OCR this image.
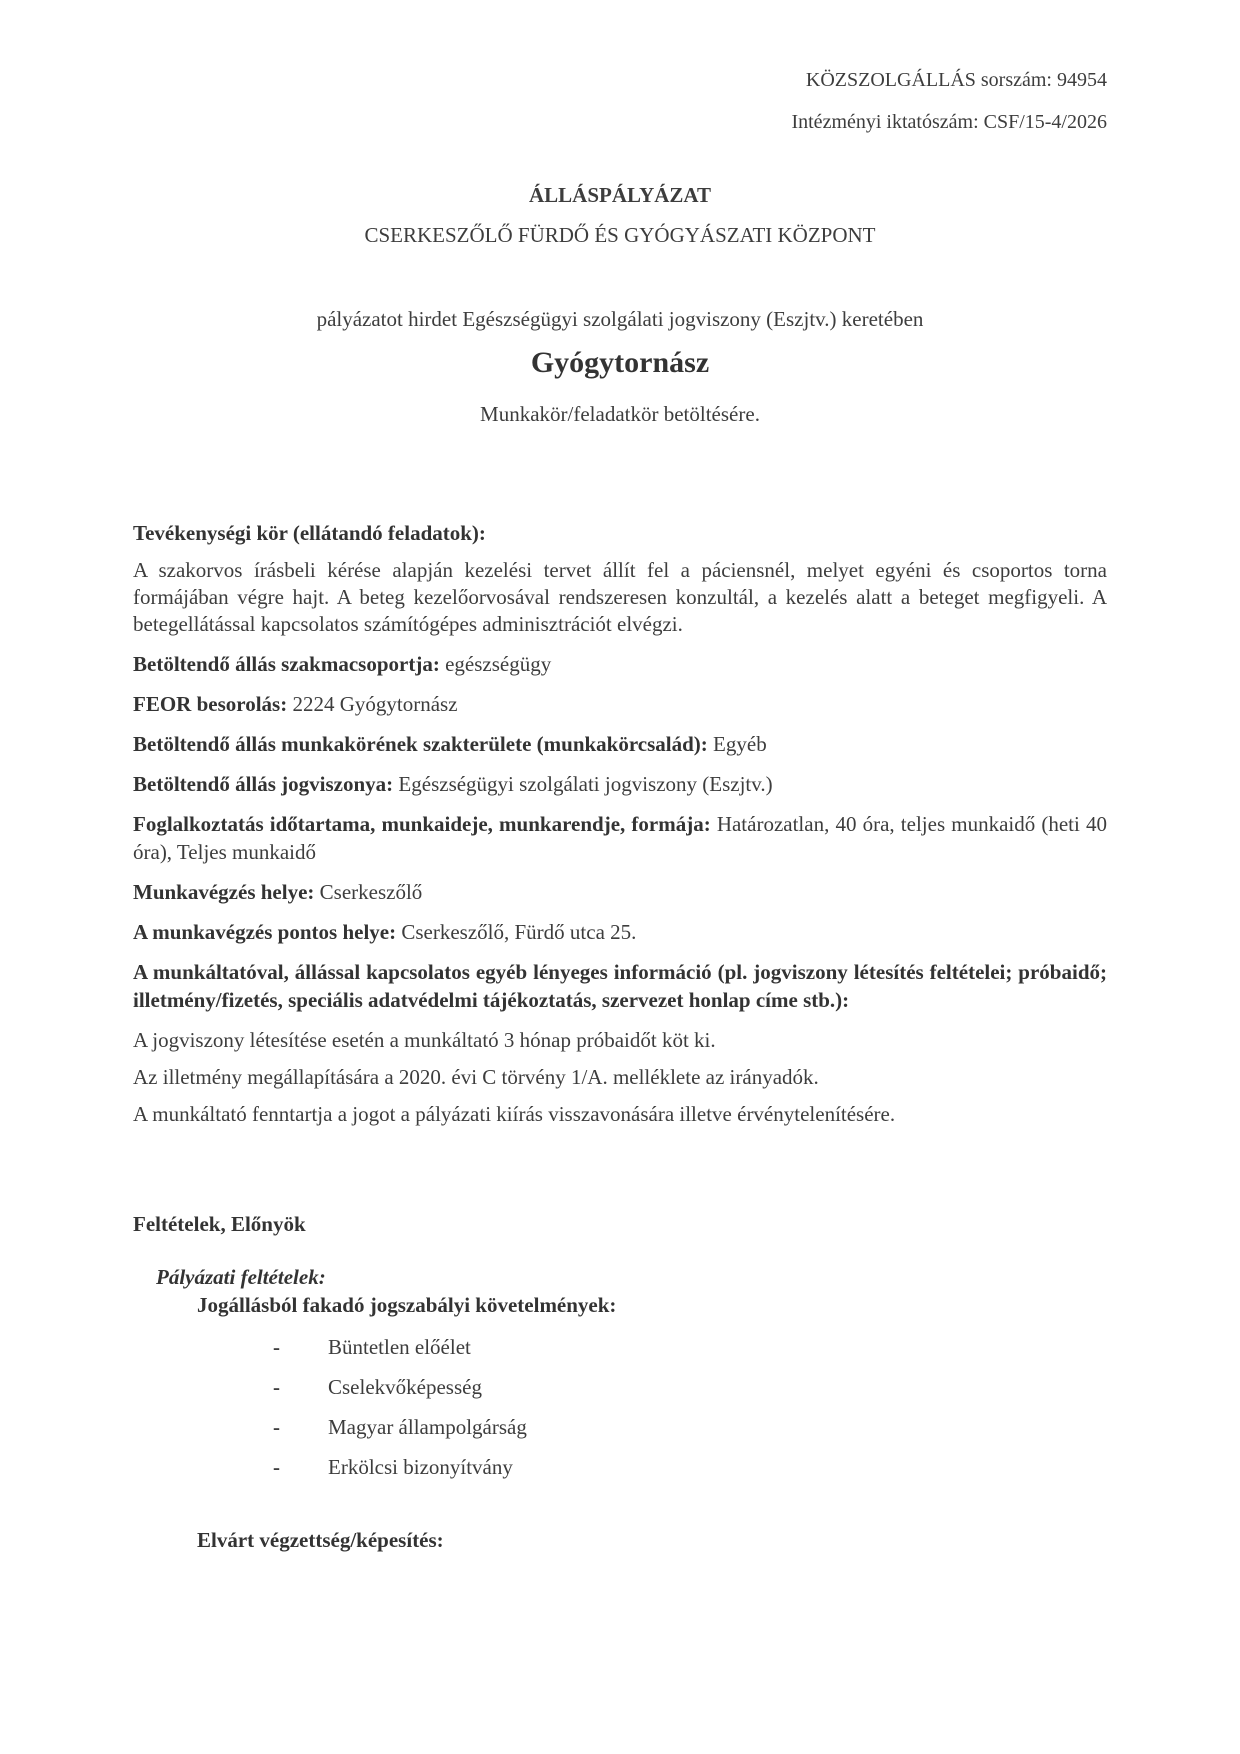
KÖZSZOLGÁLLÁS sorszám: 94954
Intézményi iktatószám: CSF/15-4/2026
ÁLLÁSPÁLYÁZAT
CSERKESZŐLŐ FÜRDŐ ÉS GYÓGYÁSZATI KÖZPONT
pályázatot hirdet Egészségügyi szolgálati jogviszony (Eszjtv.) keretében
Gyógytornász
Munkakör/feladatkör betöltésére.
Tevékenységi kör (ellátandó feladatok):
A szakorvos írásbeli kérése alapján kezelési tervet állít fel a páciensnél, melyet egyéni és csoportos torna formájában végre hajt. A beteg kezelőorvosával rendszeresen konzultál, a kezelés alatt a beteget megfigyeli. A betegellátással kapcsolatos számítógépes adminisztrációt elvégzi.
Betöltendő állás szakmacsoportja: egészségügy
FEOR besorolás: 2224 Gyógytornász
Betöltendő állás munkakörének szakterülete (munkakörcsalád): Egyéb
Betöltendő állás jogviszonya: Egészségügyi szolgálati jogviszony (Eszjtv.)
Foglalkoztatás időtartama, munkaideje, munkarendje, formája: Határozatlan, 40 óra, teljes munkaidő (heti 40 óra), Teljes munkaidő
Munkavégzés helye: Cserkeszőlő
A munkavégzés pontos helye: Cserkeszőlő, Fürdő utca 25.
A munkáltatóval, állással kapcsolatos egyéb lényeges információ (pl. jogviszony létesítés feltételei; próbaidő; illetmény/fizetés, speciális adatvédelmi tájékoztatás, szervezet honlap címe stb.):
A jogviszony létesítése esetén a munkáltató 3 hónap próbaidőt köt ki.
Az illetmény megállapítására a 2020. évi C törvény 1/A. melléklete az irányadók.
A munkáltató fenntartja a jogot a pályázati kiírás visszavonására illetve érvénytelenítésére.
Feltételek, Előnyök
Pályázati feltételek:
Jogállásból fakadó jogszabályi követelmények:
- Büntetlen előélet
- Cselekvőképesség
- Magyar állampolgárság
- Erkölcsi bizonyítvány
Elvárt végzettség/képesítés:
